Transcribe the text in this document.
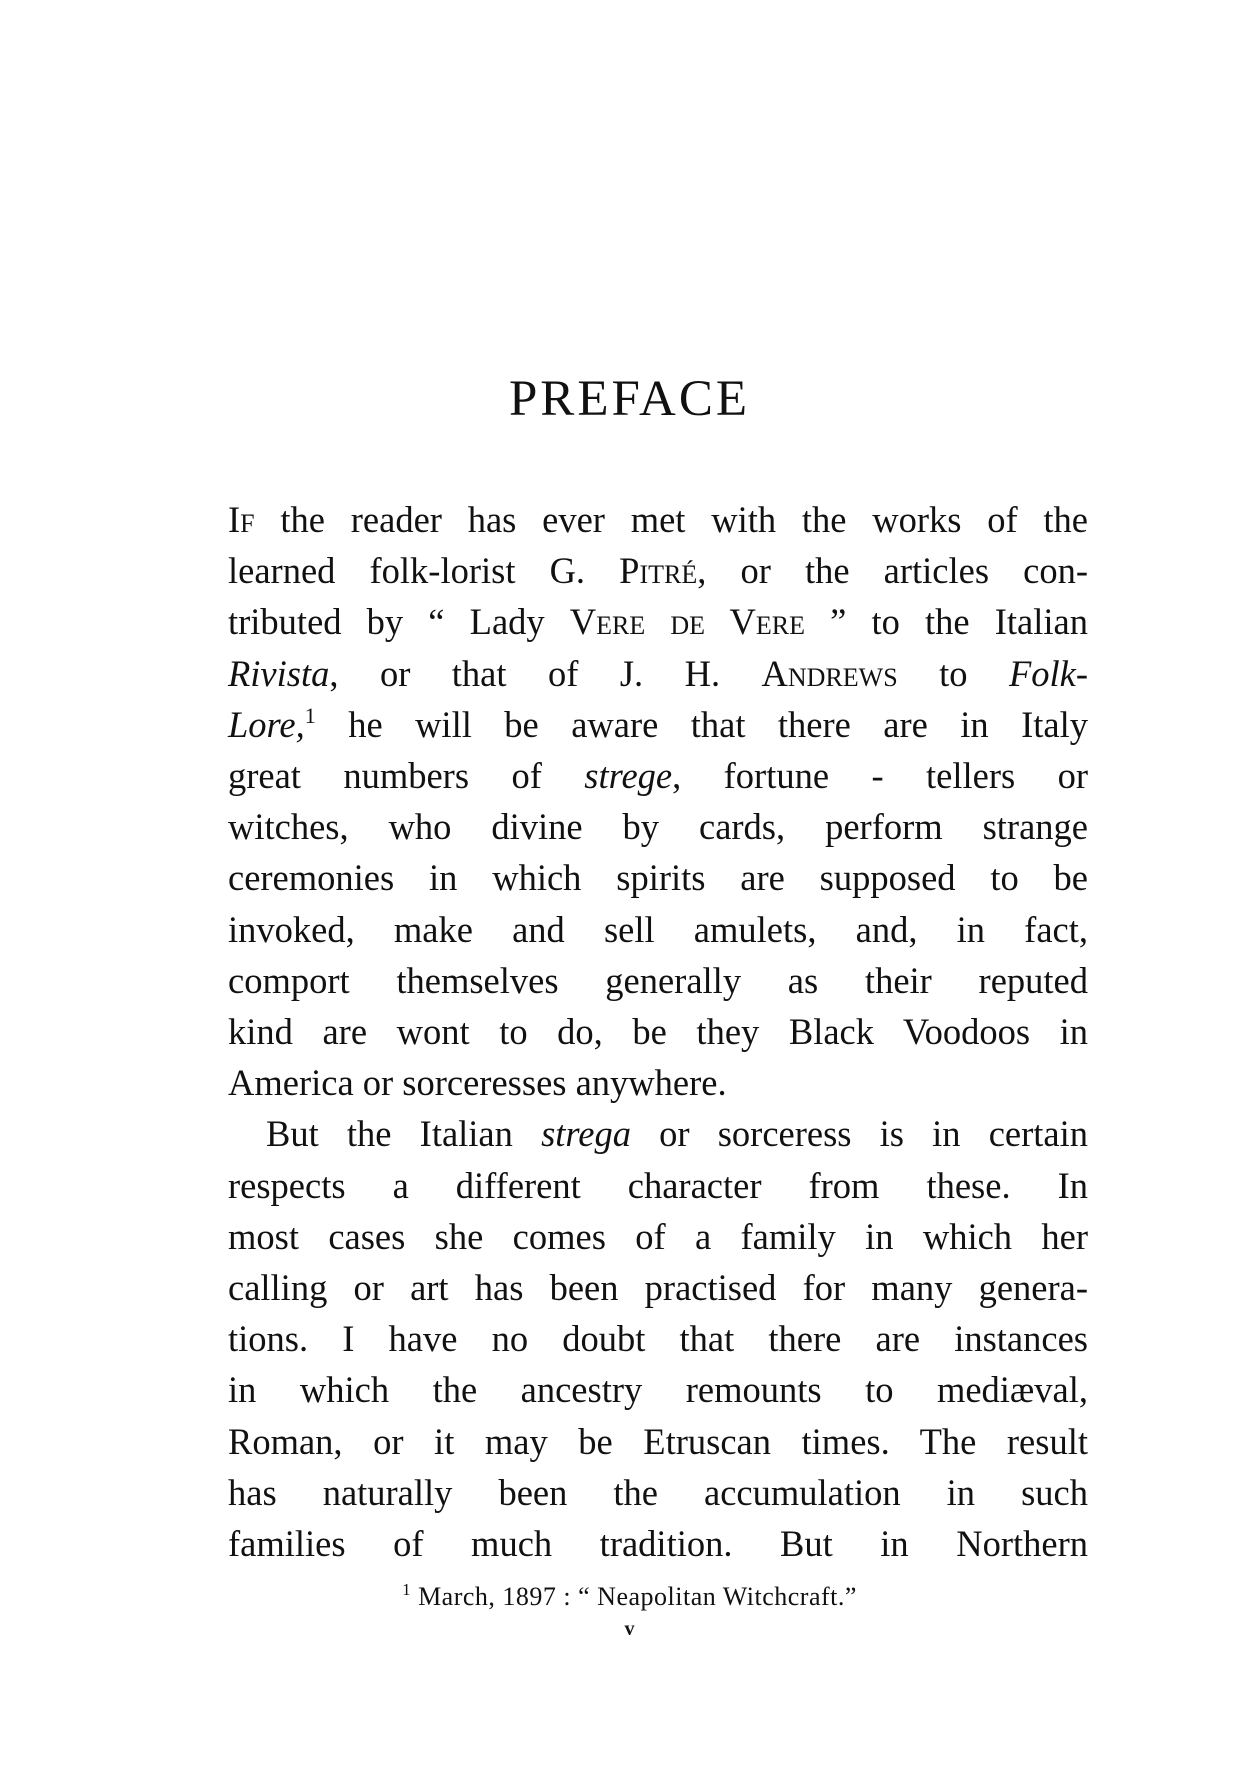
PREFACE
If the reader has ever met with the works of the
learned folk-lorist G. Pitré, or the articles con-
tributed by “ Lady Vere de Vere ” to the Italian
Rivista, or that of J. H. Andrews to Folk-
Lore,$^1$ he will be aware that there are in Italy
great numbers of strege, fortune - tellers or
witches, who divine by cards, perform strange
ceremonies in which spirits are supposed to be
invoked, make and sell amulets, and, in fact,
comport themselves generally as their reputed
kind are wont to do, be they Black Voodoos in
America or sorceresses anywhere.
But the Italian strega or sorceress is in certain
respects a different character from these. In
most cases she comes of a family in which her
calling or art has been practised for many genera-
tions. I have no doubt that there are instances
in which the ancestry remounts to mediæval,
Roman, or it may be Etruscan times. The result
has naturally been the accumulation in such
families of much tradition. But in Northern
$^1$ March, 1897 : “ Neapolitan Witchcraft.”
v
